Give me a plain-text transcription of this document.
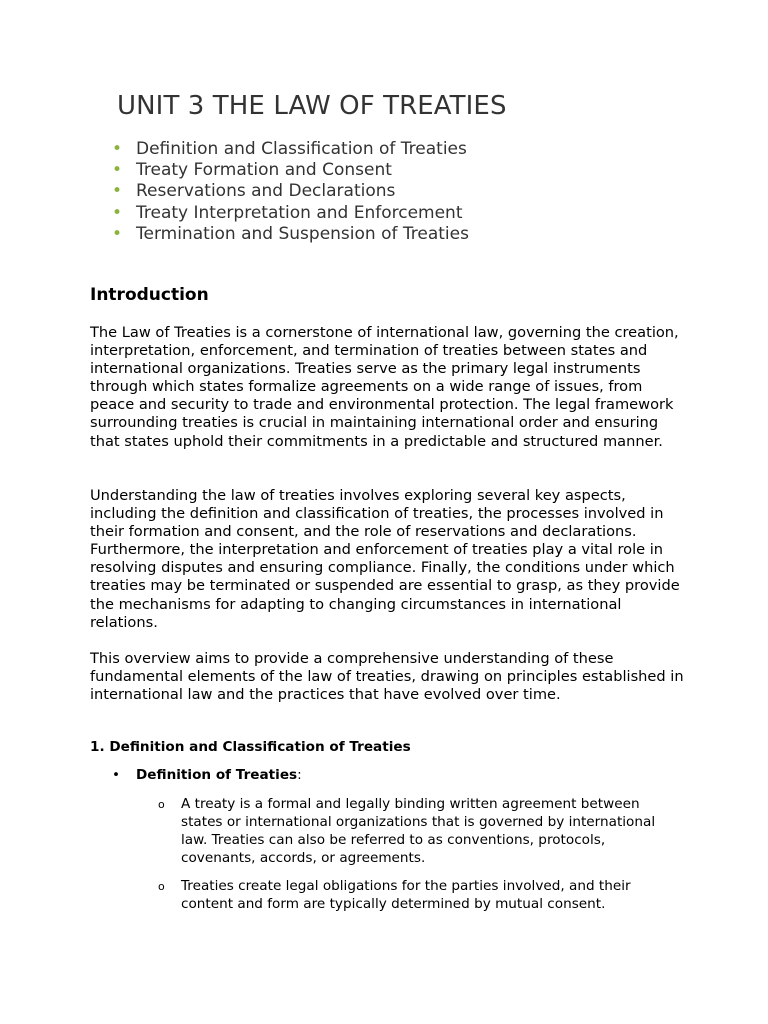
UNIT 3 THE LAW OF TREATIES
• Definition and Classification of Treaties
• Treaty Formation and Consent
• Reservations and Declarations
• Treaty Interpretation and Enforcement
• Termination and Suspension of Treaties
Introduction

The Law of Treaties is a cornerstone of international law, governing the creation, interpretation, enforcement, and termination of treaties between states and international organizations. Treaties serve as the primary legal instruments through which states formalize agreements on a wide range of issues, from peace and security to trade and environmental protection. The legal framework surrounding treaties is crucial in maintaining international order and ensuring that states uphold their commitments in a predictable and structured manner.

Understanding the law of treaties involves exploring several key aspects, including the definition and classification of treaties, the processes involved in their formation and consent, and the role of reservations and declarations. Furthermore, the interpretation and enforcement of treaties play a vital role in resolving disputes and ensuring compliance. Finally, the conditions under which treaties may be terminated or suspended are essential to grasp, as they provide the mechanisms for adapting to changing circumstances in international relations.

This overview aims to provide a comprehensive understanding of these fundamental elements of the law of treaties, drawing on principles established in international law and the practices that have evolved over time.

1. Definition and Classification of Treaties
• Definition of Treaties:
o A treaty is a formal and legally binding written agreement between states or international organizations that is governed by international law. Treaties can also be referred to as conventions, protocols, covenants, accords, or agreements.
o Treaties create legal obligations for the parties involved, and their content and form are typically determined by mutual consent.
